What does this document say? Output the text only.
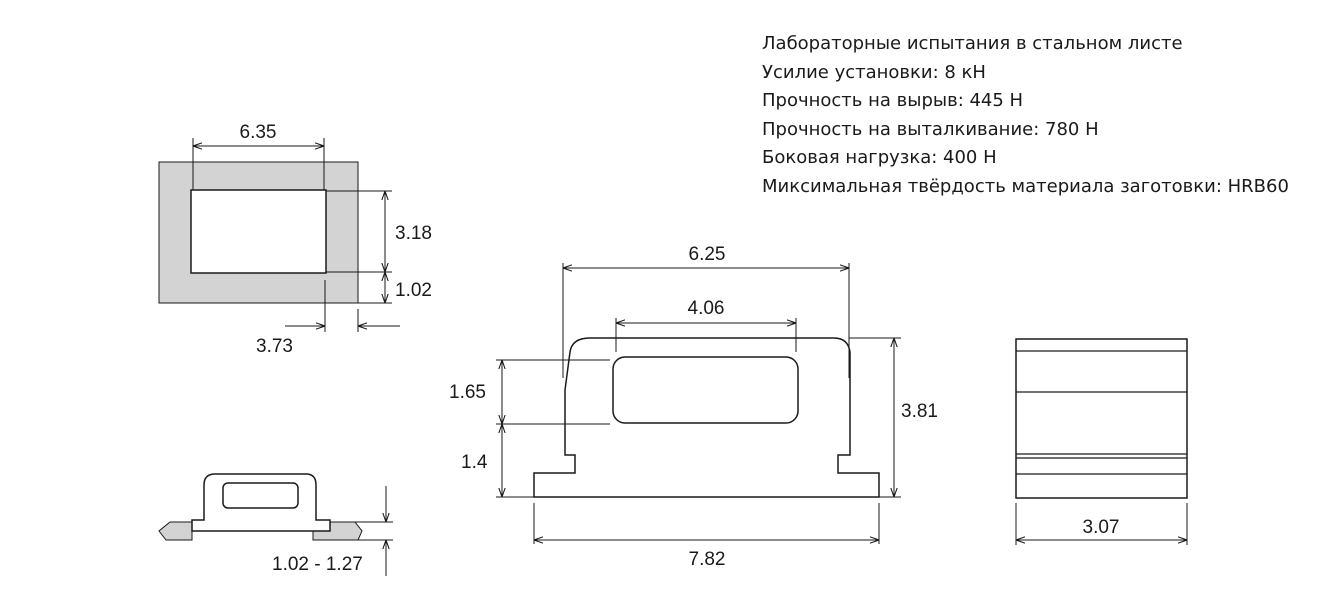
6.35
3.18
1.02
3.73
1.02 - 1.27
6.25
4.06
1.65
1.4
3.81
7.82
3.07
Лабораторные испытания в стальном листе
Усилие установки: 8 кН
Прочность на вырыв: 445 Н
Прочность на выталкивание: 780 Н
Боковая нагрузка: 400 Н
Миксимальная твёрдость материала заготовки: HRB60
